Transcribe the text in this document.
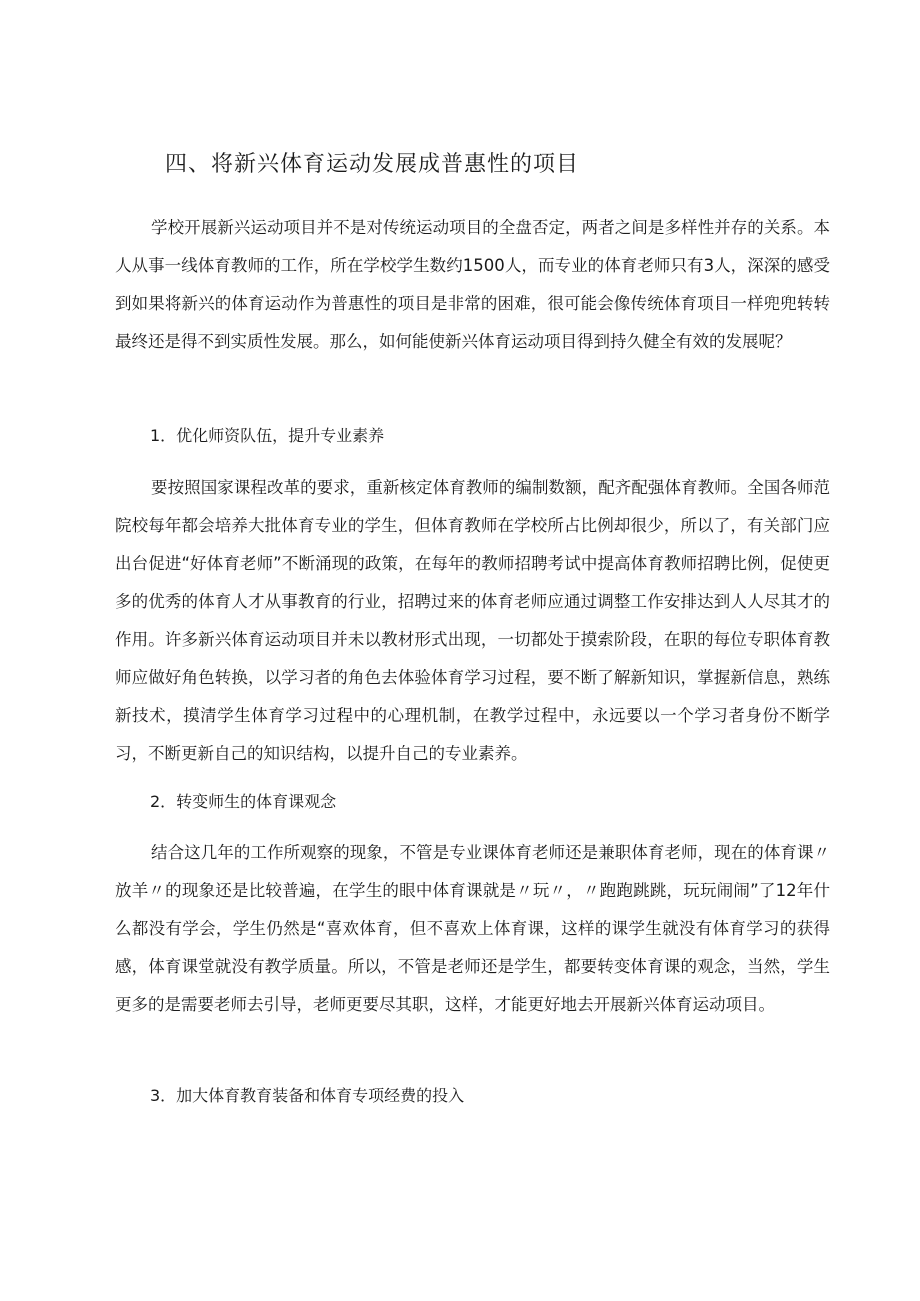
四、将新兴体育运动发展成普惠性的项目

学校开展新兴运动项目并不是对传统运动项目的全盘否定，两者之间是多样性并存的关系。本人从事一线体育教师的工作，所在学校学生数约1500人，而专业的体育老师只有3人，深深的感受到如果将新兴的体育运动作为普惠性的项目是非常的困难，很可能会像传统体育项目一样兜兜转转最终还是得不到实质性发展。那么，如何能使新兴体育运动项目得到持久健全有效的发展呢？

1．优化师资队伍，提升专业素养

要按照国家课程改革的要求，重新核定体育教师的编制数额，配齐配强体育教师。全国各师范院校每年都会培养大批体育专业的学生，但体育教师在学校所占比例却很少，所以了，有关部门应出台促进“好体育老师”不断涌现的政策，在每年的教师招聘考试中提高体育教师招聘比例，促使更多的优秀的体育人才从事教育的行业，招聘过来的体育老师应通过调整工作安排达到人人尽其才的作用。许多新兴体育运动项目并未以教材形式出现，一切都处于摸索阶段，在职的每位专职体育教师应做好角色转换，以学习者的角色去体验体育学习过程，要不断了解新知识，掌握新信息，熟练新技术，摸清学生体育学习过程中的心理机制，在教学过程中，永远要以一个学习者身份不断学习，不断更新自己的知识结构，以提升自己的专业素养。

2．转变师生的体育课观念

结合这几年的工作所观察的现象，不管是专业课体育老师还是兼职体育老师，现在的体育课〃放羊〃的现象还是比较普遍，在学生的眼中体育课就是〃玩〃，〃跑跑跳跳，玩玩闹闹”了12年什么都没有学会，学生仍然是“喜欢体育，但不喜欢上体育课，这样的课学生就没有体育学习的获得感，体育课堂就没有教学质量。所以，不管是老师还是学生，都要转变体育课的观念，当然，学生更多的是需要老师去引导，老师更要尽其职，这样，才能更好地去开展新兴体育运动项目。

3．加大体育教育装备和体育专项经费的投入
